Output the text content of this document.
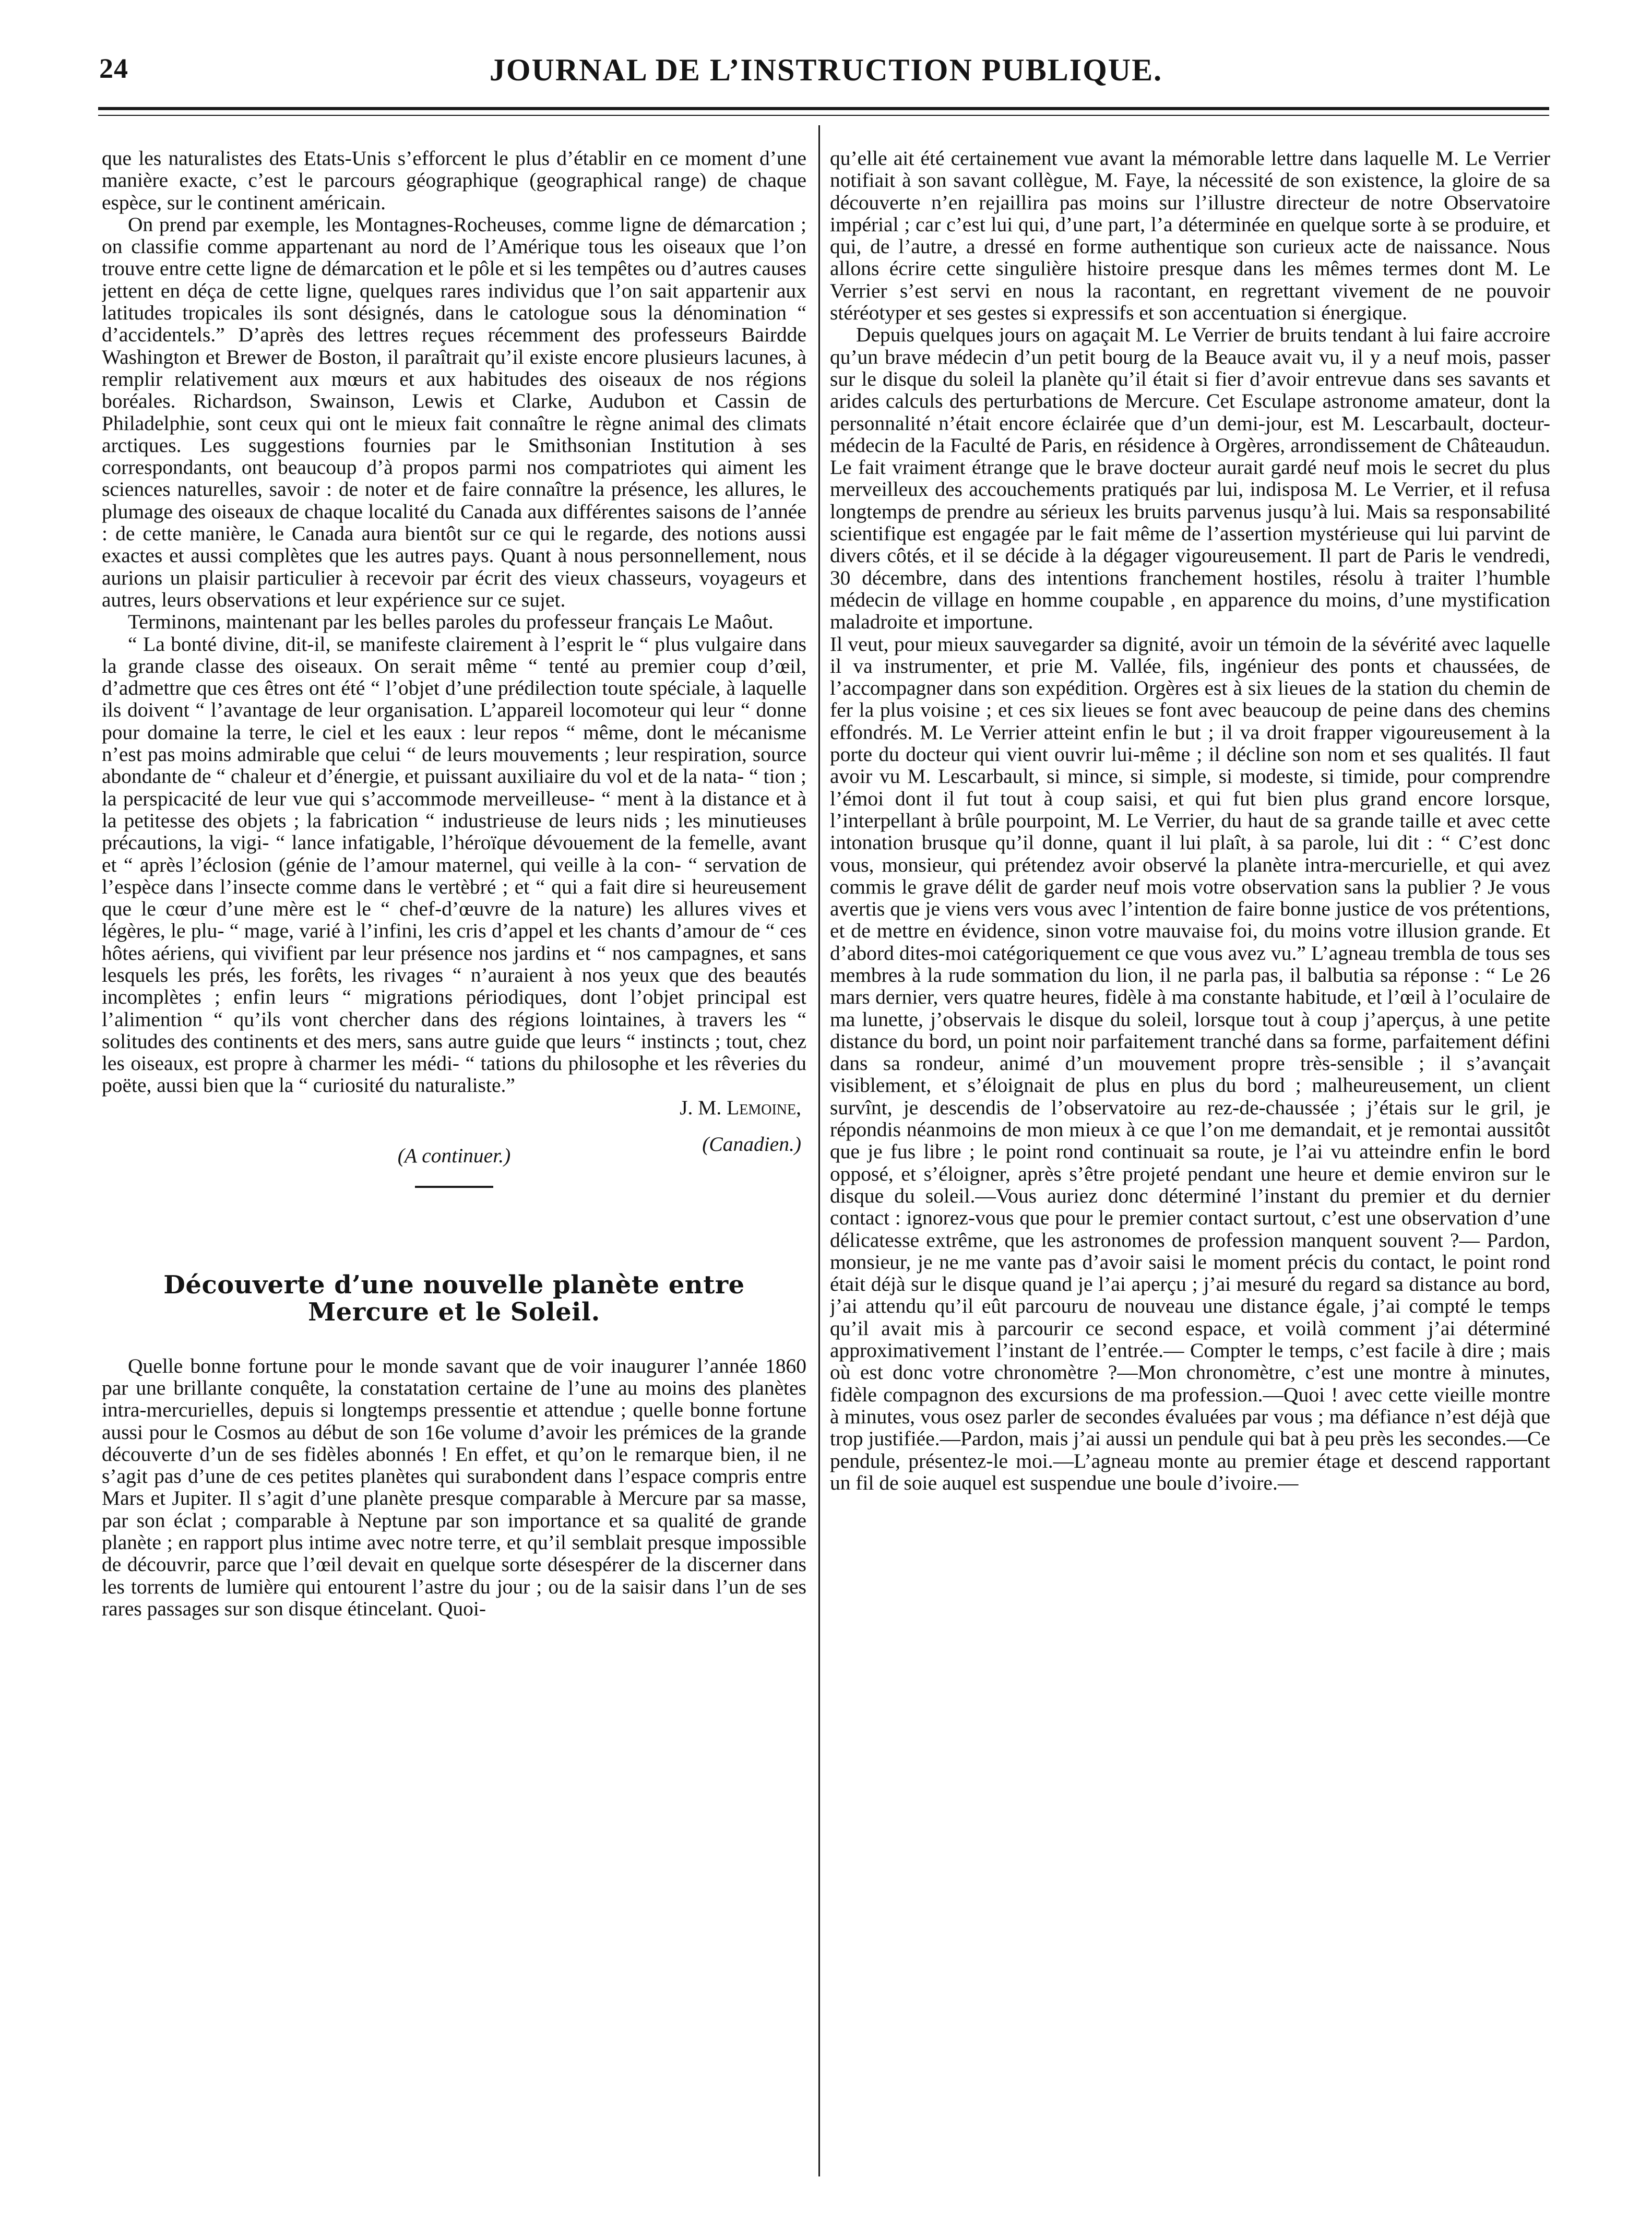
24	JOURNAL DE L’INSTRUCTION PUBLIQUE.

que les naturalistes des Etats-Unis s’efforcent le plus d’établir en ce moment d’une manière exacte, c’est le parcours géographique (geographical range) de chaque espèce, sur le continent américain.

On prend par exemple, les Montagnes-Rocheuses, comme ligne de démarcation ; on classifie comme appartenant au nord de l’Amérique tous les oiseaux que l’on trouve entre cette ligne de démarcation et le pôle et si les tempêtes ou d’autres causes jettent en déça de cette ligne, quelques rares individus que l’on sait appartenir aux latitudes tropicales ils sont désignés, dans le catologue sous la dénomination “ d’accidentels.” D’après des lettres reçues récemment des professeurs Bairdde Washington et Brewer de Boston, il paraîtrait qu’il existe encore plusieurs lacunes, à remplir relativement aux mœurs et aux habitudes des oiseaux de nos régions boréales. Richardson, Swainson, Lewis et Clarke, Audubon et Cassin de Philadelphie, sont ceux qui ont le mieux fait connaître le règne animal des climats arctiques. Les suggestions fournies par le Smithsonian Institution à ses correspondants, ont beaucoup d’à propos parmi nos compatriotes qui aiment les sciences naturelles, savoir : de noter et de faire connaître la présence, les allures, le plumage des oiseaux de chaque localité du Canada aux différentes saisons de l’année : de cette manière, le Canada aura bientôt sur ce qui le regarde, des notions aussi exactes et aussi complètes que les autres pays. Quant à nous personnellement, nous aurions un plaisir particulier à recevoir par écrit des vieux chasseurs, voyageurs et autres, leurs observations et leur expérience sur ce sujet.

Terminons, maintenant par les belles paroles du professeur français Le Maôut.

“ La bonté divine, dit-il, se manifeste clairement à l’esprit le “ plus vulgaire dans la grande classe des oiseaux. On serait même “ tenté au premier coup d’œil, d’admettre que ces êtres ont été “ l’objet d’une prédilection toute spéciale, à laquelle ils doivent “ l’avantage de leur organisation. L’appareil locomoteur qui leur “ donne pour domaine la terre, le ciel et les eaux : leur repos “ même, dont le mécanisme n’est pas moins admirable que celui “ de leurs mouvements ; leur respiration, source abondante de “ chaleur et d’énergie, et puissant auxiliaire du vol et de la nata- “ tion ; la perspicacité de leur vue qui s’accommode merveilleuse- “ ment à la distance et à la petitesse des objets ; la fabrication “ industrieuse de leurs nids ; les minutieuses précautions, la vigi- “ lance infatigable, l’héroïque dévouement de la femelle, avant et “ après l’éclosion (génie de l’amour maternel, qui veille à la con- “ servation de l’espèce dans l’insecte comme dans le vertèbré ; et “ qui a fait dire si heureusement que le cœur d’une mère est le “ chef-d’œuvre de la nature) les allures vives et légères, le plu- “ mage, varié à l’infini, les cris d’appel et les chants d’amour de “ ces hôtes aériens, qui vivifient par leur présence nos jardins et “ nos campagnes, et sans lesquels les prés, les forêts, les rivages “ n’auraient à nos yeux que des beautés incomplètes ; enfin leurs “ migrations périodiques, dont l’objet principal est l’alimention “ qu’ils vont chercher dans des régions lointaines, à travers les “ solitudes des continents et des mers, sans autre guide que leurs “ instincts ; tout, chez les oiseaux, est propre à charmer les médi- “ tations du philosophe et les rêveries du poëte, aussi bien que la “ curiosité du naturaliste.”

J. M. Lemoine,
(Canadien.)
(A continuer.)
Découverte d’une nouvelle planète entre Mercure et le Soleil.

Quelle bonne fortune pour le monde savant que de voir inaugurer l’année 1860 par une brillante conquête, la constatation certaine de l’une au moins des planètes intra-mercurielles, depuis si longtemps pressentie et attendue ; quelle bonne fortune aussi pour le Cosmos au début de son 16e volume d’avoir les prémices de la grande découverte d’un de ses fidèles abonnés ! En effet, et qu’on le remarque bien, il ne s’agit pas d’une de ces petites planètes qui surabondent dans l’espace compris entre Mars et Jupiter. Il s’agit d’une planète presque comparable à Mercure par sa masse, par son éclat ; comparable à Neptune par son importance et sa qualité de grande planète ; en rapport plus intime avec notre terre, et qu’il semblait presque impossible de découvrir, parce que l’œil devait en quelque sorte désespérer de la discerner dans les torrents de lumière qui entourent l’astre du jour ; ou de la saisir dans l’un de ses rares passages sur son disque étincelant. Quoi-

qu’elle ait été certainement vue avant la mémorable lettre dans laquelle M. Le Verrier notifiait à son savant collègue, M. Faye, la nécessité de son existence, la gloire de sa découverte n’en rejaillira pas moins sur l’illustre directeur de notre Observatoire impérial ; car c’est lui qui, d’une part, l’a déterminée en quelque sorte à se produire, et qui, de l’autre, a dressé en forme authentique son curieux acte de naissance. Nous allons écrire cette singulière histoire presque dans les mêmes termes dont M. Le Verrier s’est servi en nous la racontant, en regrettant vivement de ne pouvoir stéréotyper et ses gestes si expressifs et son accentuation si énergique.

Depuis quelques jours on agaçait M. Le Verrier de bruits tendant à lui faire accroire qu’un brave médecin d’un petit bourg de la Beauce avait vu, il y a neuf mois, passer sur le disque du soleil la planète qu’il était si fier d’avoir entrevue dans ses savants et arides calculs des perturbations de Mercure. Cet Esculape astronome amateur, dont la personnalité n’était encore éclairée que d’un demi-jour, est M. Lescarbault, docteur-médecin de la Faculté de Paris, en résidence à Orgères, arrondissement de Châteaudun. Le fait vraiment étrange que le brave docteur aurait gardé neuf mois le secret du plus merveilleux des accouchements pratiqués par lui, indisposa M. Le Verrier, et il refusa longtemps de prendre au sérieux les bruits parvenus jusqu’à lui. Mais sa responsabilité scientifique est engagée par le fait même de l’assertion mystérieuse qui lui parvint de divers côtés, et il se décide à la dégager vigoureusement. Il part de Paris le vendredi, 30 décembre, dans des intentions franchement hostiles, résolu à traiter l’humble médecin de village en homme coupable , en apparence du moins, d’une mystification maladroite et importune.

Il veut, pour mieux sauvegarder sa dignité, avoir un témoin de la sévérité avec laquelle il va instrumenter, et prie M. Vallée, fils, ingénieur des ponts et chaussées, de l’accompagner dans son expédition. Orgères est à six lieues de la station du chemin de fer la plus voisine ; et ces six lieues se font avec beaucoup de peine dans des chemins effondrés. M. Le Verrier atteint enfin le but ; il va droit frapper vigoureusement à la porte du docteur qui vient ouvrir lui-même ; il décline son nom et ses qualités. Il faut avoir vu M. Lescarbault, si mince, si simple, si modeste, si timide, pour comprendre l’émoi dont il fut tout à coup saisi, et qui fut bien plus grand encore lorsque, l’interpellant à brûle pourpoint, M. Le Verrier, du haut de sa grande taille et avec cette intonation brusque qu’il donne, quant il lui plaît, à sa parole, lui dit : “ C’est donc vous, monsieur, qui prétendez avoir observé la planète intra-mercurielle, et qui avez commis le grave délit de garder neuf mois votre observation sans la publier ? Je vous avertis que je viens vers vous avec l’intention de faire bonne justice de vos prétentions, et de mettre en évidence, sinon votre mauvaise foi, du moins votre illusion grande. Et d’abord dites-moi catégoriquement ce que vous avez vu.” L’agneau trembla de tous ses membres à la rude sommation du lion, il ne parla pas, il balbutia sa réponse : “ Le 26 mars dernier, vers quatre heures, fidèle à ma constante habitude, et l’œil à l’oculaire de ma lunette, j’observais le disque du soleil, lorsque tout à coup j’aperçus, à une petite distance du bord, un point noir parfaitement tranché dans sa forme, parfaitement défini dans sa rondeur, animé d’un mouvement propre très-sensible ; il s’avançait visiblement, et s’éloignait de plus en plus du bord ; malheureusement, un client survînt, je descendis de l’observatoire au rez-de-chaussée ; j’étais sur le gril, je répondis néanmoins de mon mieux à ce que l’on me demandait, et je remontai aussitôt que je fus libre ; le point rond continuait sa route, je l’ai vu atteindre enfin le bord opposé, et s’éloigner, après s’être projeté pendant une heure et demie environ sur le disque du soleil.—Vous auriez donc déterminé l’instant du premier et du dernier contact : ignorez-vous que pour le premier contact surtout, c’est une observation d’une délicatesse extrême, que les astronomes de profession manquent souvent ?— Pardon, monsieur, je ne me vante pas d’avoir saisi le moment précis du contact, le point rond était déjà sur le disque quand je l’ai aperçu ; j’ai mesuré du regard sa distance au bord, j’ai attendu qu’il eût parcouru de nouveau une distance égale, j’ai compté le temps qu’il avait mis à parcourir ce second espace, et voilà comment j’ai déterminé approximativement l’instant de l’entrée.— Compter le temps, c’est facile à dire ; mais où est donc votre chronomètre ?—Mon chronomètre, c’est une montre à minutes, fidèle compagnon des excursions de ma profession.—Quoi ! avec cette vieille montre à minutes, vous osez parler de secondes évaluées par vous ; ma défiance n’est déjà que trop justifiée.—Pardon, mais j’ai aussi un pendule qui bat à peu près les secondes.—Ce pendule, présentez-le moi.—L’agneau monte au premier étage et descend rapportant un fil de soie auquel est suspendue une boule d’ivoire.—
